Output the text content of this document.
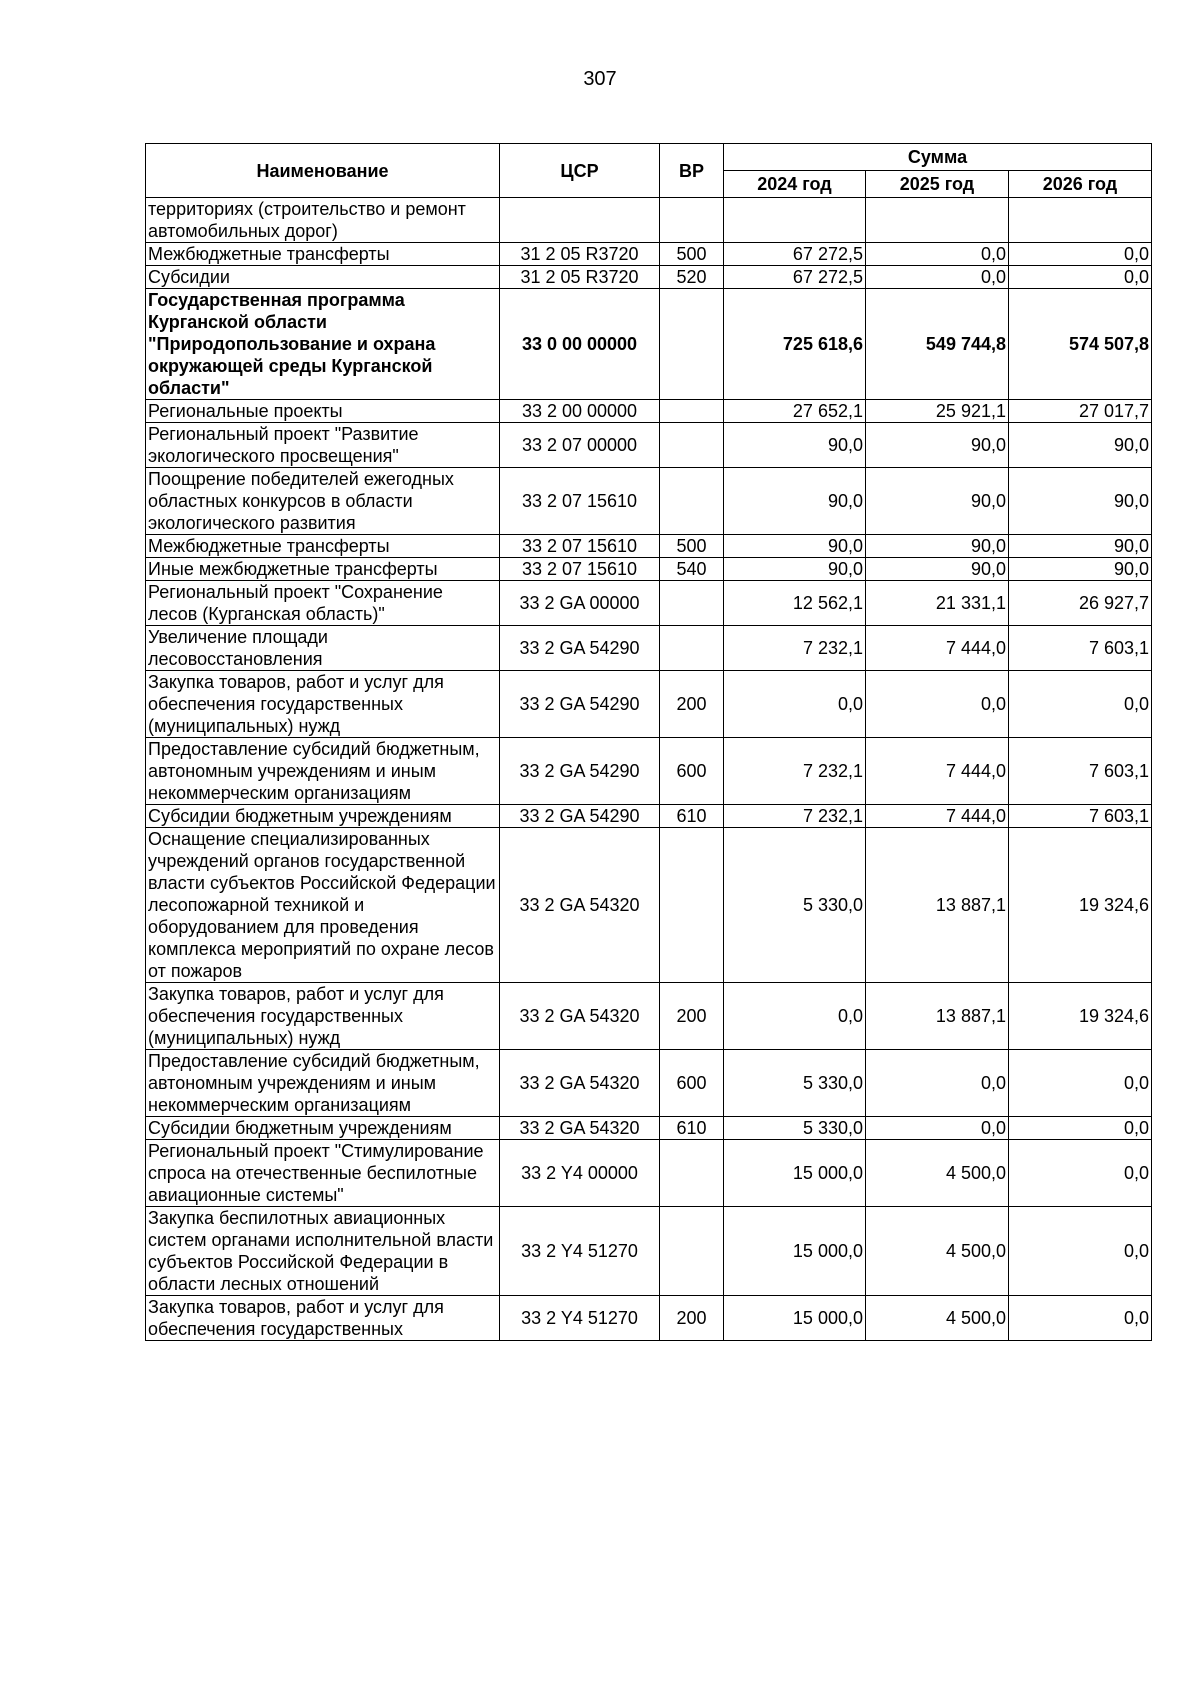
307
Наименование	ЦСР	ВР	Сумма		
			2024 год	2025 год	2026 год
территориях (строительство и ремонт автомобильных дорог)					
Межбюджетные трансферты	31 2 05 R3720	500	67 272,5	0,0	0,0
Субсидии	31 2 05 R3720	520	67 272,5	0,0	0,0
Государственная программа Курганской области "Природопользование и охрана окружающей среды Курганской области"	33 0 00 00000		725 618,6	549 744,8	574 507,8
Региональные проекты	33 2 00 00000		27 652,1	25 921,1	27 017,7
Региональный проект "Развитие экологического просвещения"	33 2 07 00000		90,0	90,0	90,0
Поощрение победителей ежегодных областных конкурсов в области экологического развития	33 2 07 15610		90,0	90,0	90,0
Межбюджетные трансферты	33 2 07 15610	500	90,0	90,0	90,0
Иные межбюджетные трансферты	33 2 07 15610	540	90,0	90,0	90,0
Региональный проект "Сохранение лесов (Курганская область)"	33 2 GA 00000		12 562,1	21 331,1	26 927,7
Увеличение площади лесовосстановления	33 2 GA 54290		7 232,1	7 444,0	7 603,1
Закупка товаров, работ и услуг для обеспечения государственных (муниципальных) нужд	33 2 GA 54290	200	0,0	0,0	0,0
Предоставление субсидий бюджетным, автономным учреждениям и иным некоммерческим организациям	33 2 GA 54290	600	7 232,1	7 444,0	7 603,1
Субсидии бюджетным учреждениям	33 2 GA 54290	610	7 232,1	7 444,0	7 603,1
Оснащение специализированных учреждений органов государственной власти субъектов Российской Федерации лесопожарной техникой и оборудованием для проведения комплекса мероприятий по охране лесов от пожаров	33 2 GA 54320		5 330,0	13 887,1	19 324,6
Закупка товаров, работ и услуг для обеспечения государственных (муниципальных) нужд	33 2 GA 54320	200	0,0	13 887,1	19 324,6
Предоставление субсидий бюджетным, автономным учреждениям и иным некоммерческим организациям	33 2 GA 54320	600	5 330,0	0,0	0,0
Субсидии бюджетным учреждениям	33 2 GA 54320	610	5 330,0	0,0	0,0
Региональный проект "Стимулирование спроса на отечественные беспилотные авиационные системы"	33 2 Y4 00000		15 000,0	4 500,0	0,0
Закупка беспилотных авиационных систем органами исполнительной власти субъектов Российской Федерации в области лесных отношений	33 2 Y4 51270		15 000,0	4 500,0	0,0
Закупка товаров, работ и услуг для обеспечения государственных	33 2 Y4 51270	200	15 000,0	4 500,0	0,0
